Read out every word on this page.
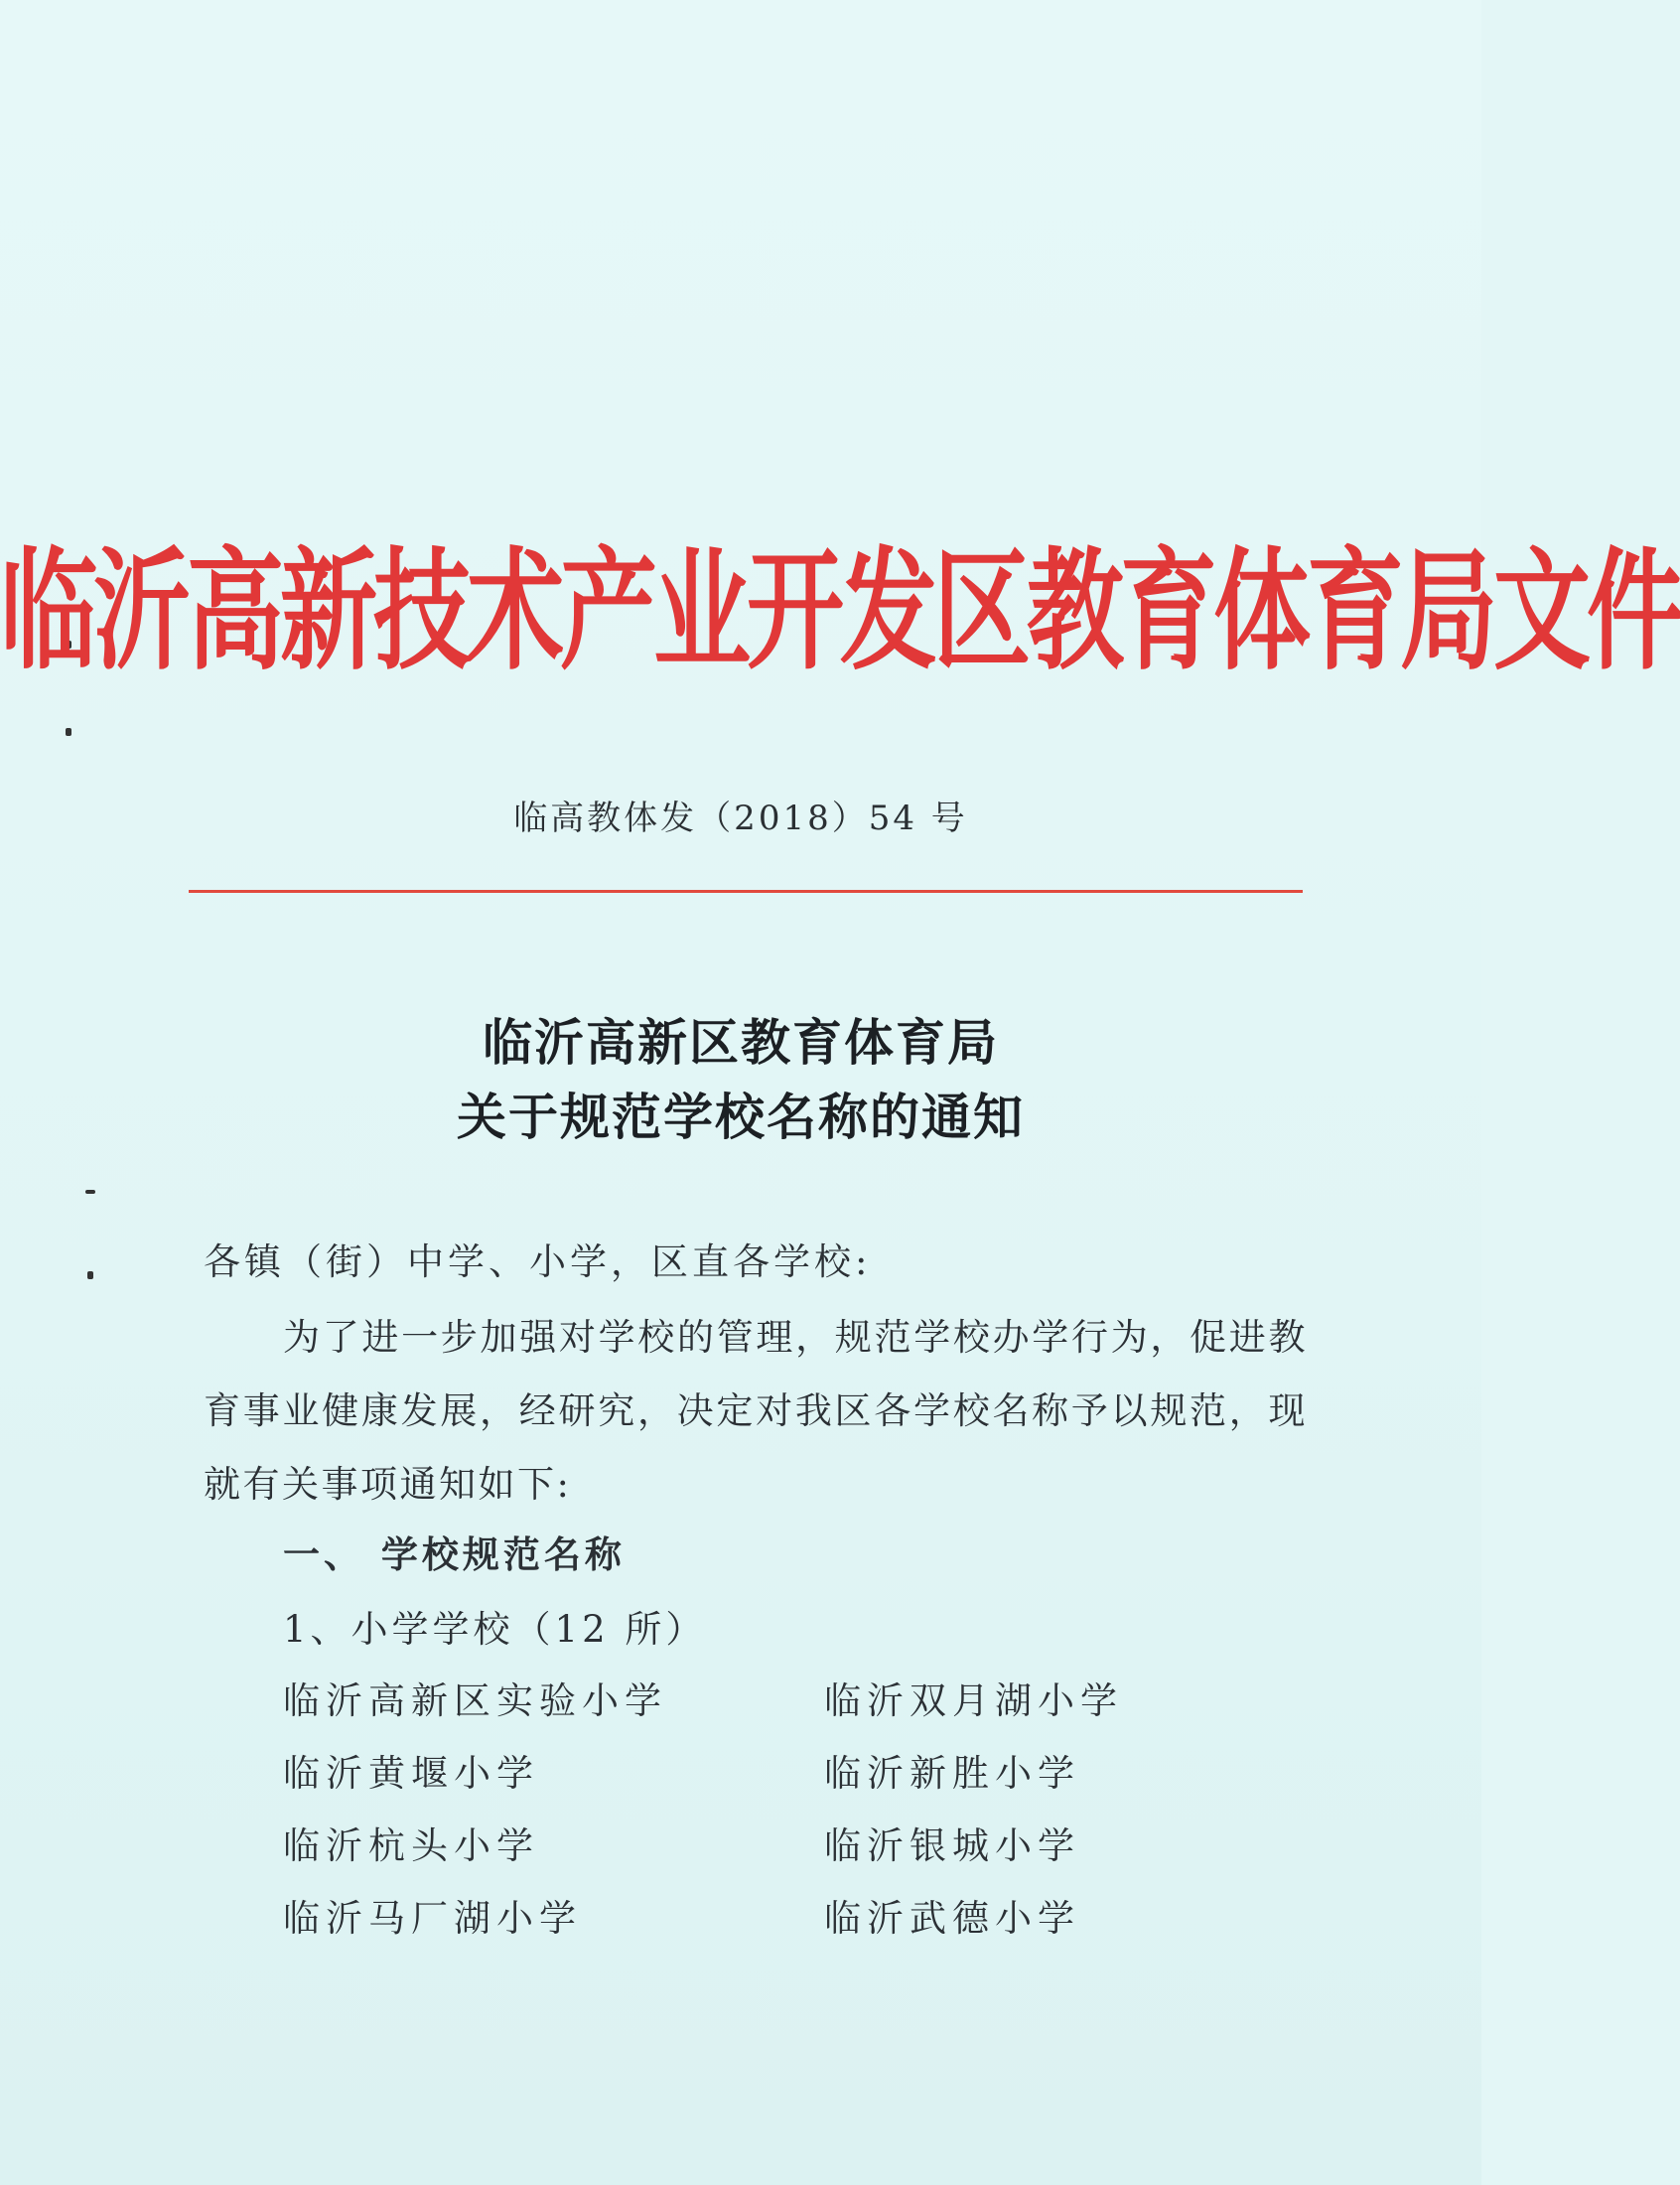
临沂高新技术产业开发区教育体育局文件
临高教体发（2018）54 号
临沂高新区教育体育局
关于规范学校名称的通知
各镇（街）中学、小学，区直各学校:
为了进一步加强对学校的管理，规范学校办学行为，促进教育事业健康发展，经研究，决定对我区各学校名称予以规范，现就有关事项通知如下:
一、 学校规范名称
1、小学学校（12 所）
临沂高新区实验小学	临沂双月湖小学
临沂黄堰小学	临沂新胜小学
临沂杭头小学	临沂银城小学
临沂马厂湖小学	临沂武德小学
